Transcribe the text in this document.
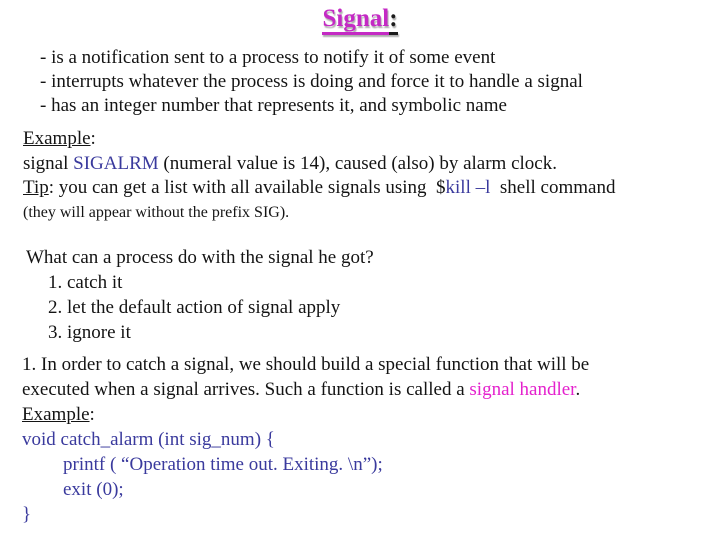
Signal:
- is a notification sent to a process to notify it of some event
- interrupts whatever the process is doing and force it to handle a signal
- has an integer number that represents it, and symbolic name
Example:
signal SIGALRM (numeral value is 14), caused (also) by alarm clock.
Tip: you can get a list with all available signals using  $kill –l  shell command
(they will appear without the prefix SIG).
What can a process do with the signal he got?
1. catch it
2. let the default action of signal apply
3. ignore it
1. In order to catch a signal, we should build a special function that will be
executed when a signal arrives. Such a function is called a signal handler.
Example:
void catch_alarm (int sig_num) {
printf ( “Operation time out. Exiting. \n”);
exit (0);
}
